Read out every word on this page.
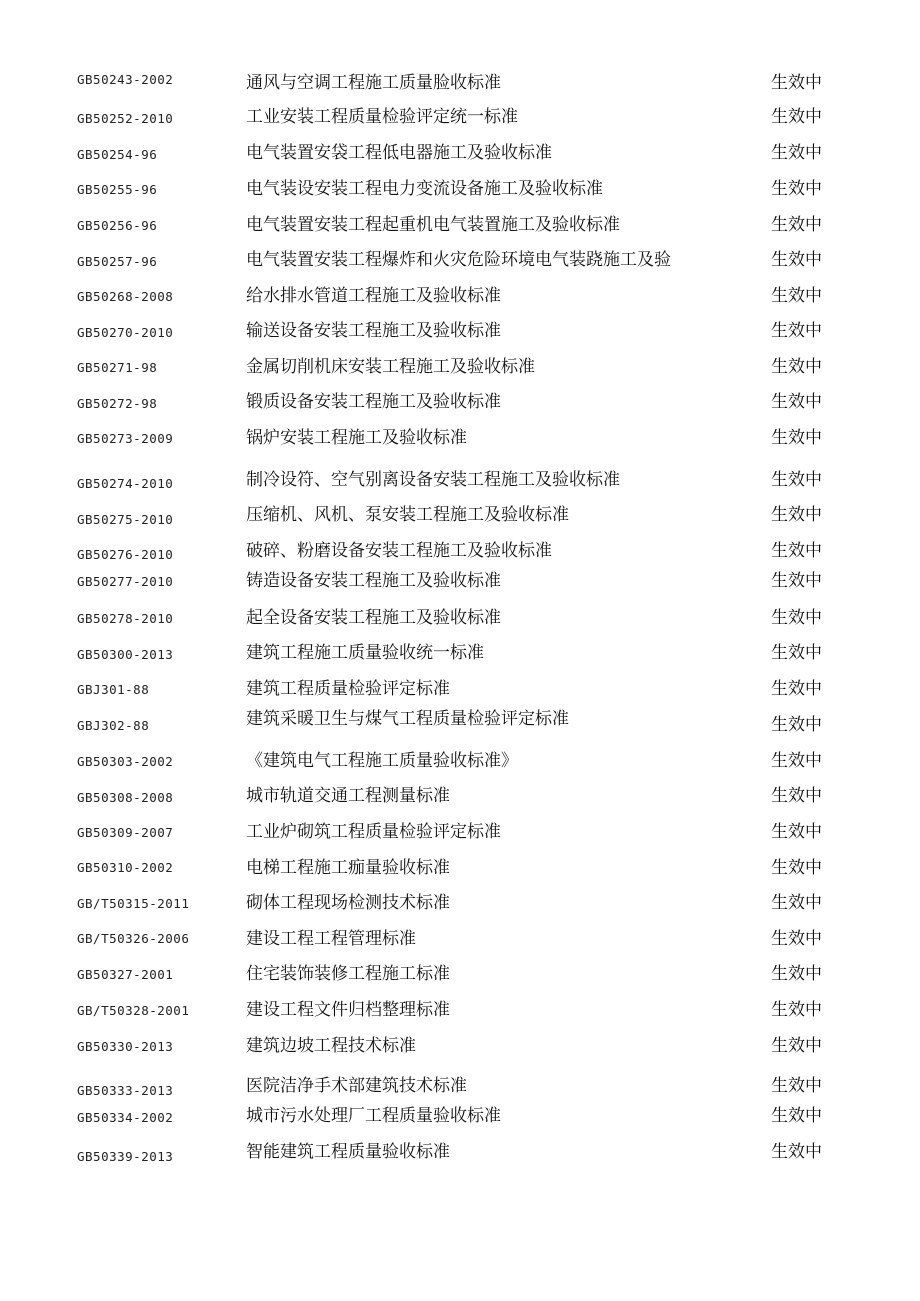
GB50243-2002	通风与空调工程施工质量脸收标准	生效中
GB50252-2010	工业安装工程质量检验评定统一标准	生效中
GB50254-96	电气装置安袋工程低电器施工及验收标准	生效中
GB50255-96	电气装设安装工程电力变流设备施工及验收标准	生效中
GB50256-96	电气装置安装工程起重机电气装置施工及验收标准	生效中
GB50257-96	电气装置安装工程爆炸和火灾危险环境电气装跷施工及验	生效中
GB50268-2008	给水排水管道工程施工及验收标准	生效中
GB50270-2010	输送设备安装工程施工及验收标准	生效中
GB50271-98	金属切削机床安装工程施工及验收标准	生效中
GB50272-98	锻质设备安装工程施工及验收标准	生效中
GB50273-2009	锅炉安装工程施工及验收标准	生效中
GB50274-2010	制冷设符、空气别离设备安装工程施工及验收标准	生效中
GB50275-2010	压缩机、风机、泵安装工程施工及验收标准	生效中
GB50276-2010	破碎、粉磨设备安装工程施工及验收标准	生效中
GB50277-2010	铸造设备安装工程施工及验收标准	生效中
GB50278-2010	起全设备安装工程施工及验收标准	生效中
GB50300-2013	建筑工程施工质量验收统一标准	生效中
GBJ301-88	建筑工程质量检验评定标准	生效中
GBJ302-88	建筑采暖卫生与煤气工程质量检验评定标准	生效中
GB50303-2002	《建筑电气工程施工质量验收标准》	生效中
GB50308-2008	城市轨道交通工程测量标准	生效中
GB50309-2007	工业炉砌筑工程质量检验评定标准	生效中
GB50310-2002	电梯工程施工痂量验收标准	生效中
GB∕T50315-2011	砌体工程现场检测技术标准	生效中
GB∕T50326-2006	建设工程工程管理标准	生效中
GB50327-2001	住宅装饰装修工程施工标准	生效中
GB∕T50328-2001	建设工程文件归档整理标准	生效中
GB50330-2013	建筑边坡工程技术标准	生效中
GB50333-2013	医院洁净手术部建筑技术标准	生效中
GB50334-2002	城市污水处理厂工程质量验收标准	生效中
GB50339-2013	智能建筑工程质量验收标准	生效中
